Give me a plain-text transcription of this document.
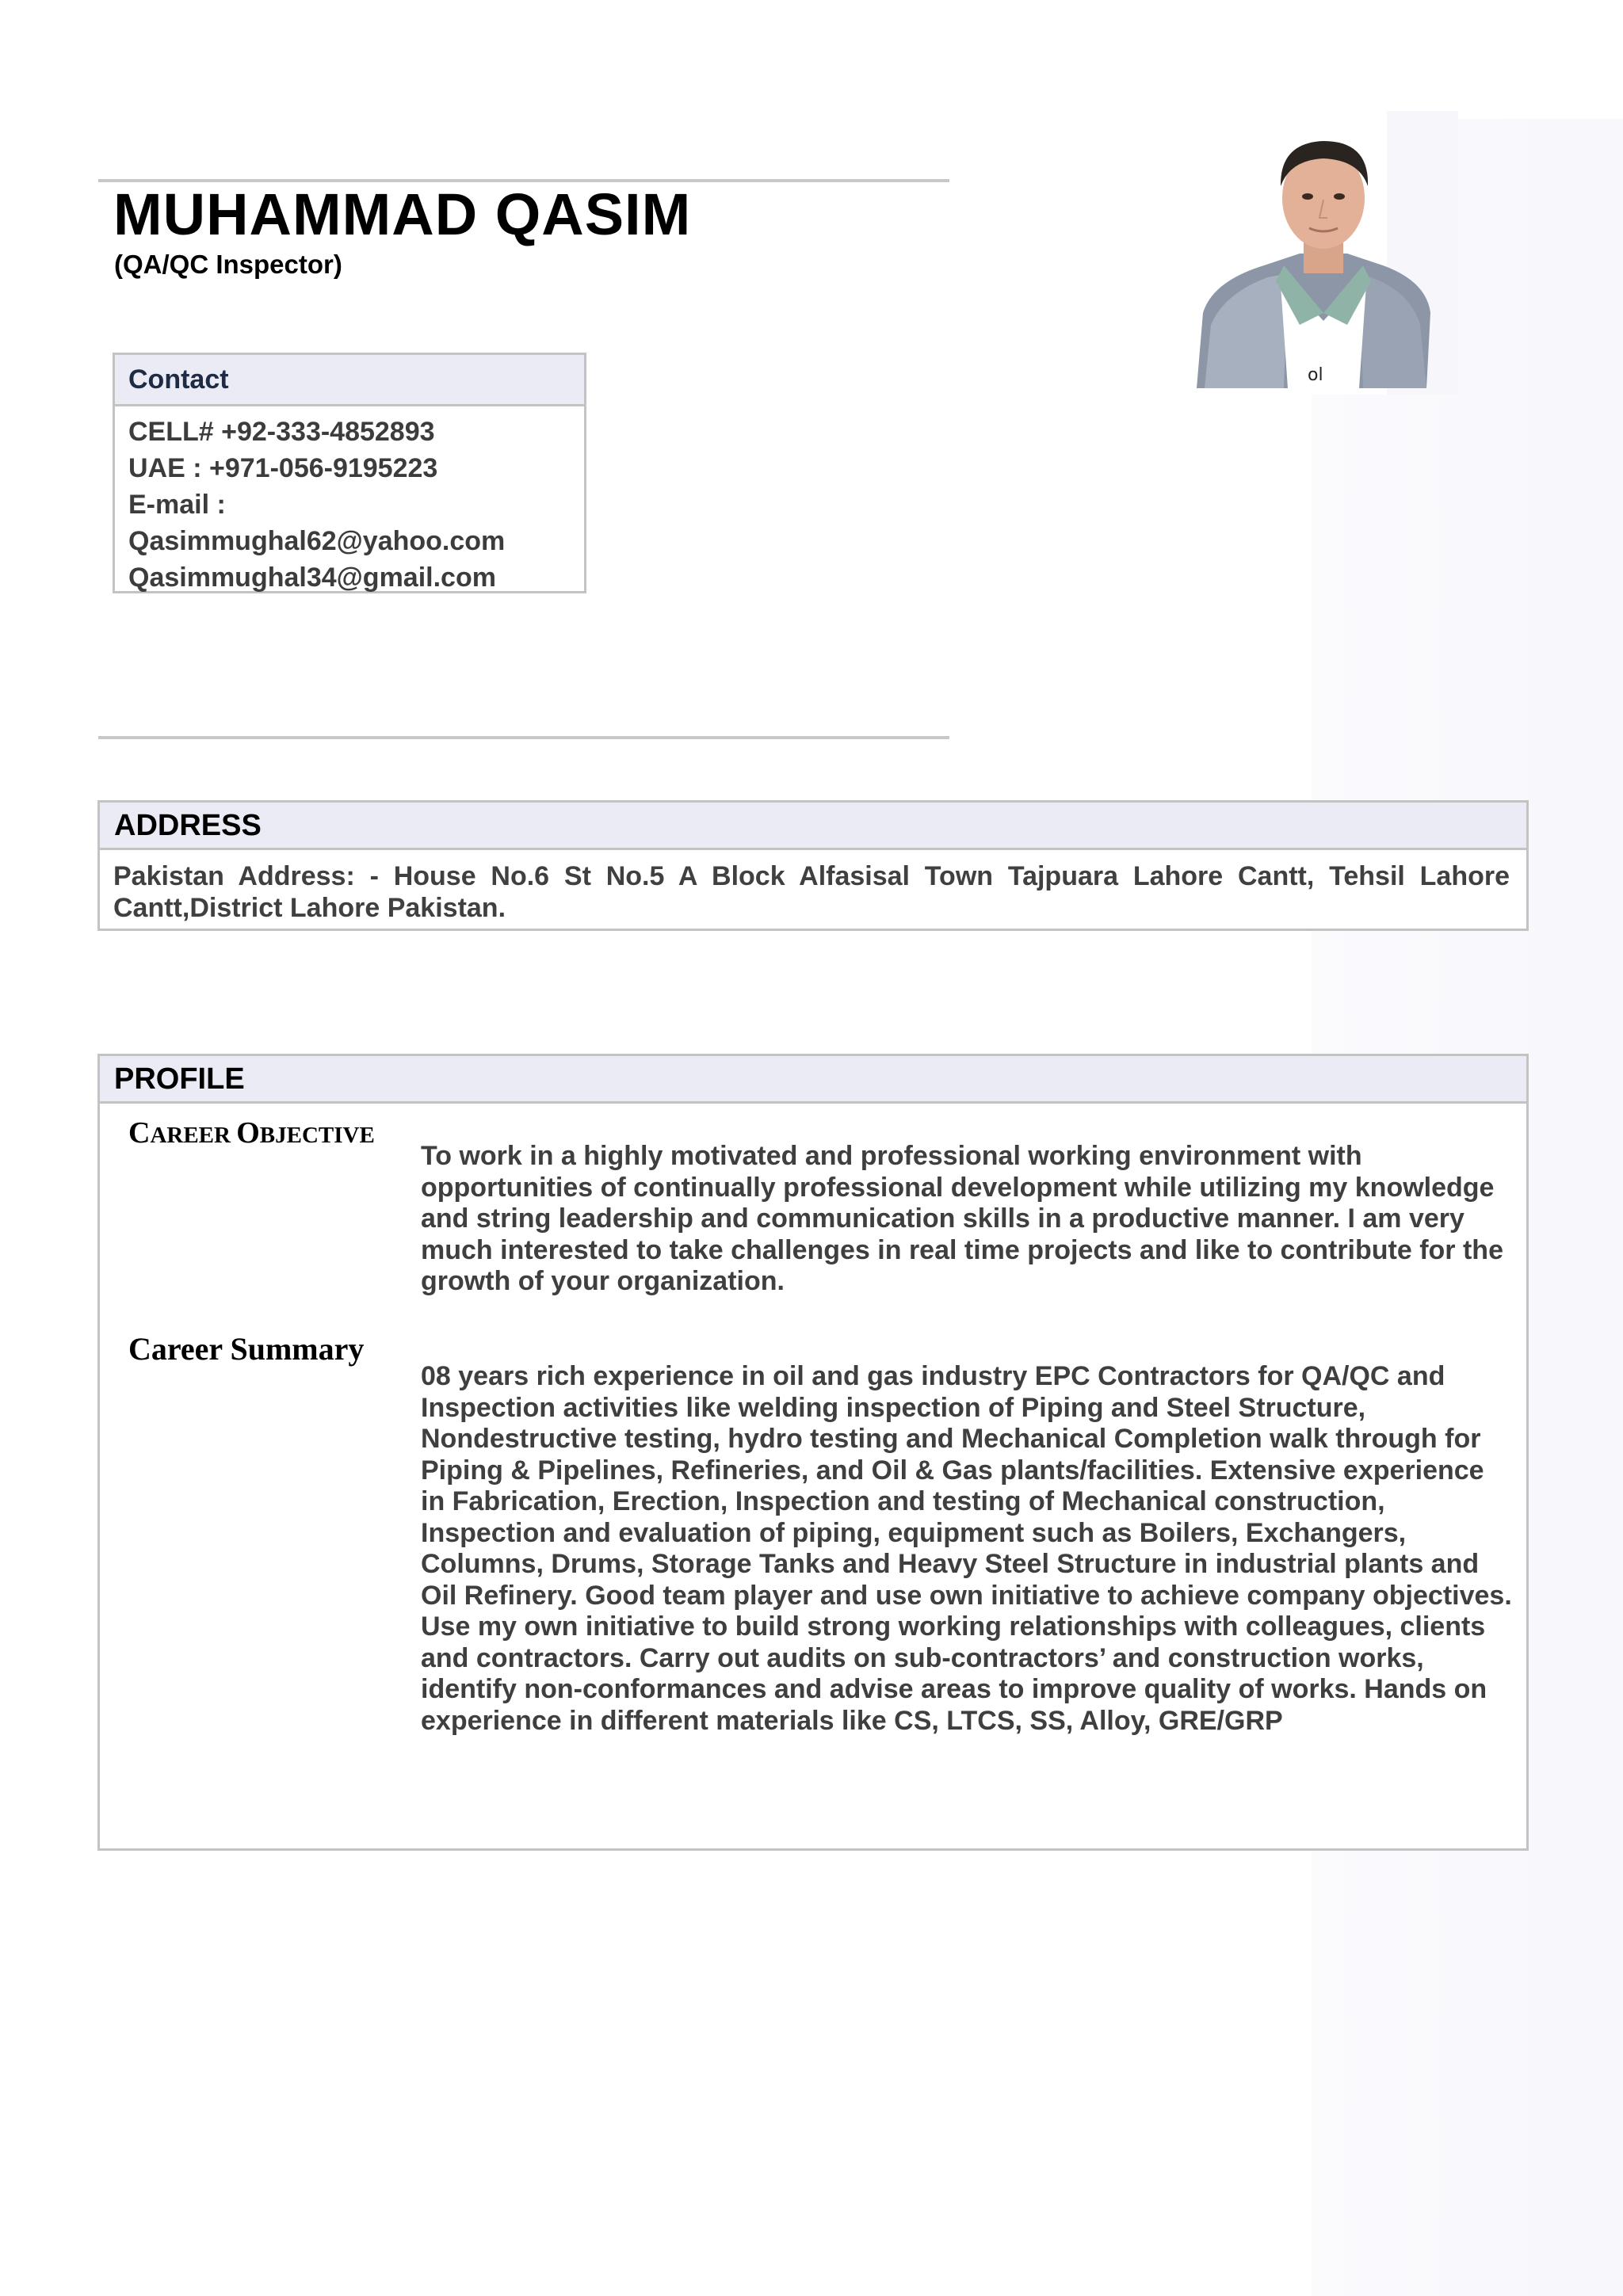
MUHAMMAD QASIM
(QA/QC Inspector)
ol
Contact
CELL# +92-333-4852893
UAE : +971-056-9195223
E-mail :
Qasimmughal62@yahoo.com
Qasimmughal34@gmail.com
ADDRESS
Pakistan Address: - House No.6 St No.5 A Block Alfasisal Town Tajpuara Lahore Cantt, Tehsil Lahore Cantt,District Lahore Pakistan.
PROFILE
CAREER OBJECTIVE
To work in a highly motivated and professional working environment with opportunities of continually professional development while utilizing my knowledge and string leadership and communication skills in a productive manner. I am very much interested to take challenges in real time projects and like to contribute for the growth of your organization.
Career Summary
08 years rich experience in oil and gas industry EPC Contractors for QA/QC and Inspection activities like welding inspection of Piping and Steel Structure, Nondestructive testing, hydro testing and Mechanical Completion walk through for Piping & Pipelines, Refineries, and Oil & Gas plants/facilities. Extensive experience in Fabrication, Erection, Inspection and testing of Mechanical construction, Inspection and evaluation of piping, equipment such as Boilers, Exchangers, Columns, Drums, Storage Tanks and Heavy Steel Structure in industrial plants and Oil Refinery. Good team player and use own initiative to achieve company objectives. Use my own initiative to build strong working relationships with colleagues, clients and contractors. Carry out audits on sub-contractors’ and construction works, identify non-conformances and advise areas to improve quality of works. Hands on experience in different materials like CS, LTCS, SS, Alloy, GRE/GRP
